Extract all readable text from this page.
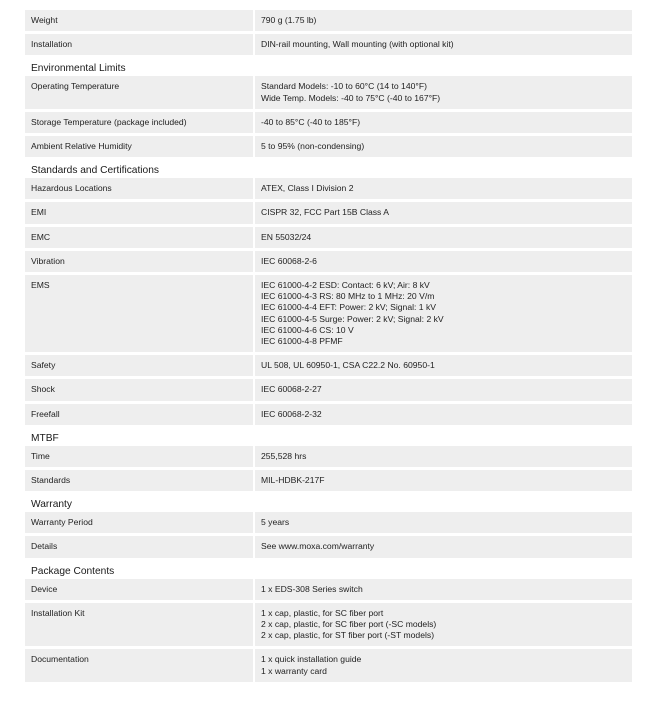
Weight	790 g (1.75 lb)
Installation	DIN-rail mounting, Wall mounting (with optional kit)
Environmental Limits
Operating Temperature	Standard Models: -10 to 60°C (14 to 140°F)
Wide Temp. Models: -40 to 75°C (-40 to 167°F)
Storage Temperature (package included)	-40 to 85°C (-40 to 185°F)
Ambient Relative Humidity	5 to 95% (non-condensing)
Standards and Certifications
Hazardous Locations	ATEX, Class I Division 2
EMI	CISPR 32, FCC Part 15B Class A
EMC	EN 55032/24
Vibration	IEC 60068-2-6
EMS	IEC 61000-4-2 ESD: Contact: 6 kV; Air: 8 kV
IEC 61000-4-3 RS: 80 MHz to 1 MHz: 20 V/m
IEC 61000-4-4 EFT: Power: 2 kV; Signal: 1 kV
IEC 61000-4-5 Surge: Power: 2 kV; Signal: 2 kV
IEC 61000-4-6 CS: 10 V
IEC 61000-4-8 PFMF
Safety	UL 508, UL 60950-1, CSA C22.2 No. 60950-1
Shock	IEC 60068-2-27
Freefall	IEC 60068-2-32
MTBF
Time	255,528 hrs
Standards	MIL-HDBK-217F
Warranty
Warranty Period	5 years
Details	See www.moxa.com/warranty
Package Contents
Device	1 x EDS-308 Series switch
Installation Kit	1 x cap, plastic, for SC fiber port
2 x cap, plastic, for SC fiber port (-SC models)
2 x cap, plastic, for ST fiber port (-ST models)
Documentation	1 x quick installation guide
1 x warranty card
